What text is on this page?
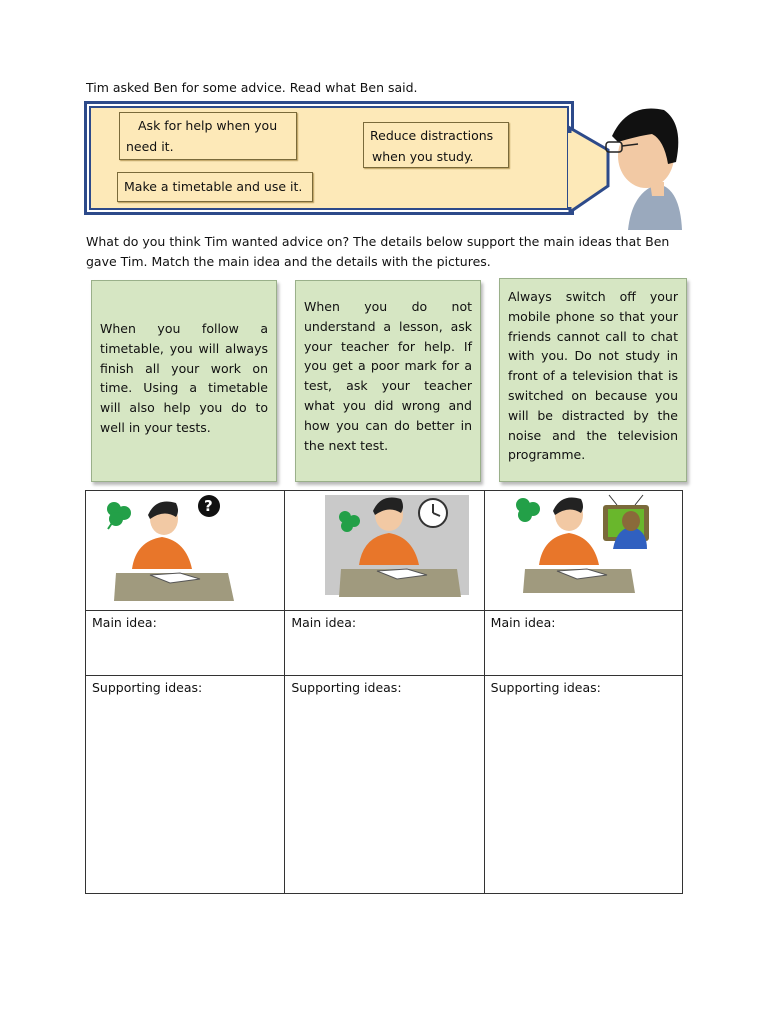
Tim asked Ben for some advice. Read what Ben said.
Ask for help when you
need it.
Reduce distractions
when you study.
Make a timetable and use it.
What do you think Tim wanted advice on? The details below support the main ideas that Ben gave Tim. Match the main idea and the details with the pictures.
When you follow a timetable, you will always finish all your work on time. Using a timetable will also help you do to well in your tests.
When you do not understand a lesson, ask your teacher for help. If you get a poor mark for a test, ask your teacher what you did wrong and how you can do better in the next test.
Always switch off your mobile phone so that your friends cannot call to chat with you. Do not study in front of a television that is switched on because you will be distracted by the noise and the television programme.
?

Main idea:	Main idea:	Main idea:
Supporting ideas:	Supporting ideas:	Supporting ideas:
